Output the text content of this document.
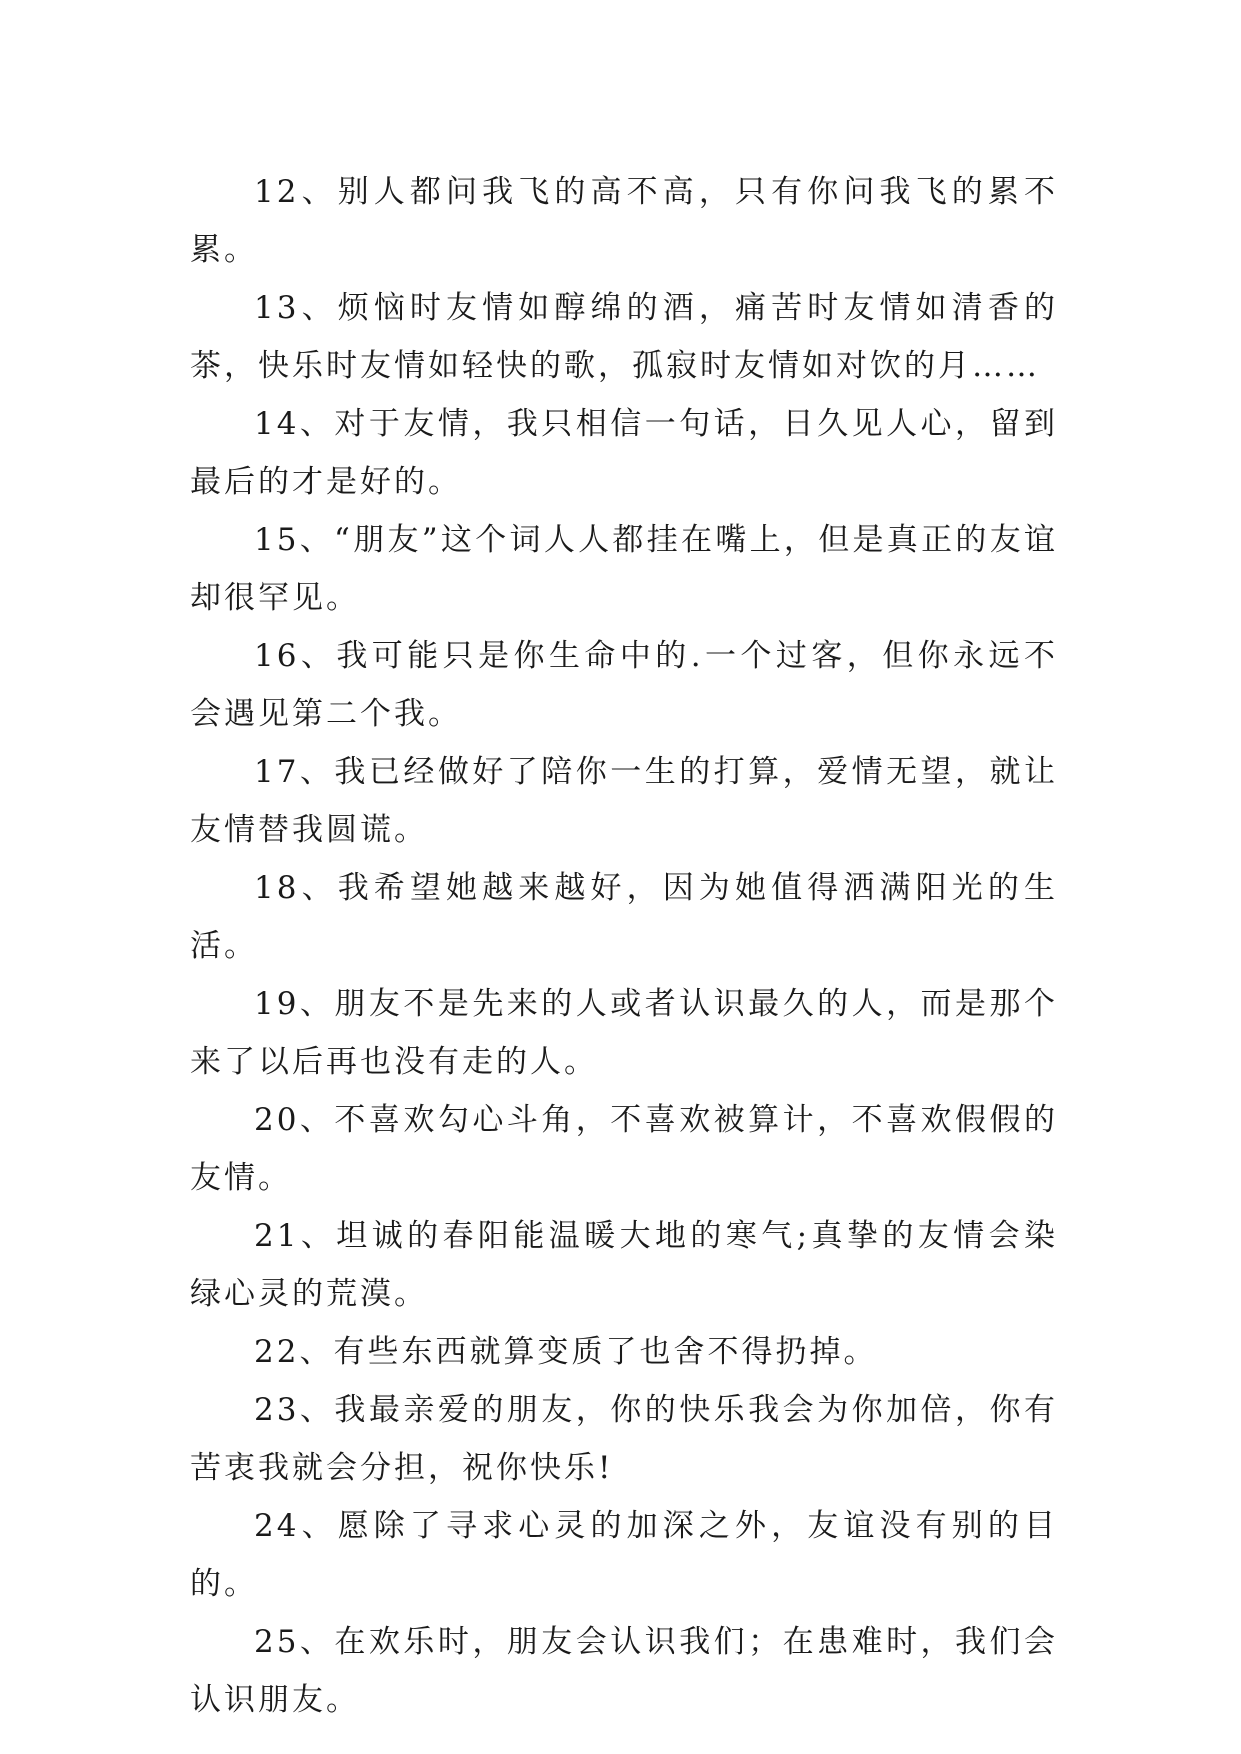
12、别人都问我飞的高不高，只有你问我飞的累不累。

13、烦恼时友情如醇绵的酒，痛苦时友情如清香的茶，快乐时友情如轻快的歌，孤寂时友情如对饮的月……

14、对于友情，我只相信一句话，日久见人心，留到最后的才是好的。

15、“朋友”这个词人人都挂在嘴上，但是真正的友谊却很罕见。

16、我可能只是你生命中的.一个过客，但你永远不会遇见第二个我。

17、我已经做好了陪你一生的打算，爱情无望，就让友情替我圆谎。

18、我希望她越来越好，因为她值得洒满阳光的生活。

19、朋友不是先来的人或者认识最久的人，而是那个来了以后再也没有走的人。

20、不喜欢勾心斗角，不喜欢被算计，不喜欢假假的友情。

21、坦诚的春阳能温暖大地的寒气;真挚的友情会染绿心灵的荒漠。

22、有些东西就算变质了也舍不得扔掉。

23、我最亲爱的朋友，你的快乐我会为你加倍，你有苦衷我就会分担，祝你快乐!

24、愿除了寻求心灵的加深之外，友谊没有别的目的。

25、在欢乐时，朋友会认识我们；在患难时，我们会认识朋友。
